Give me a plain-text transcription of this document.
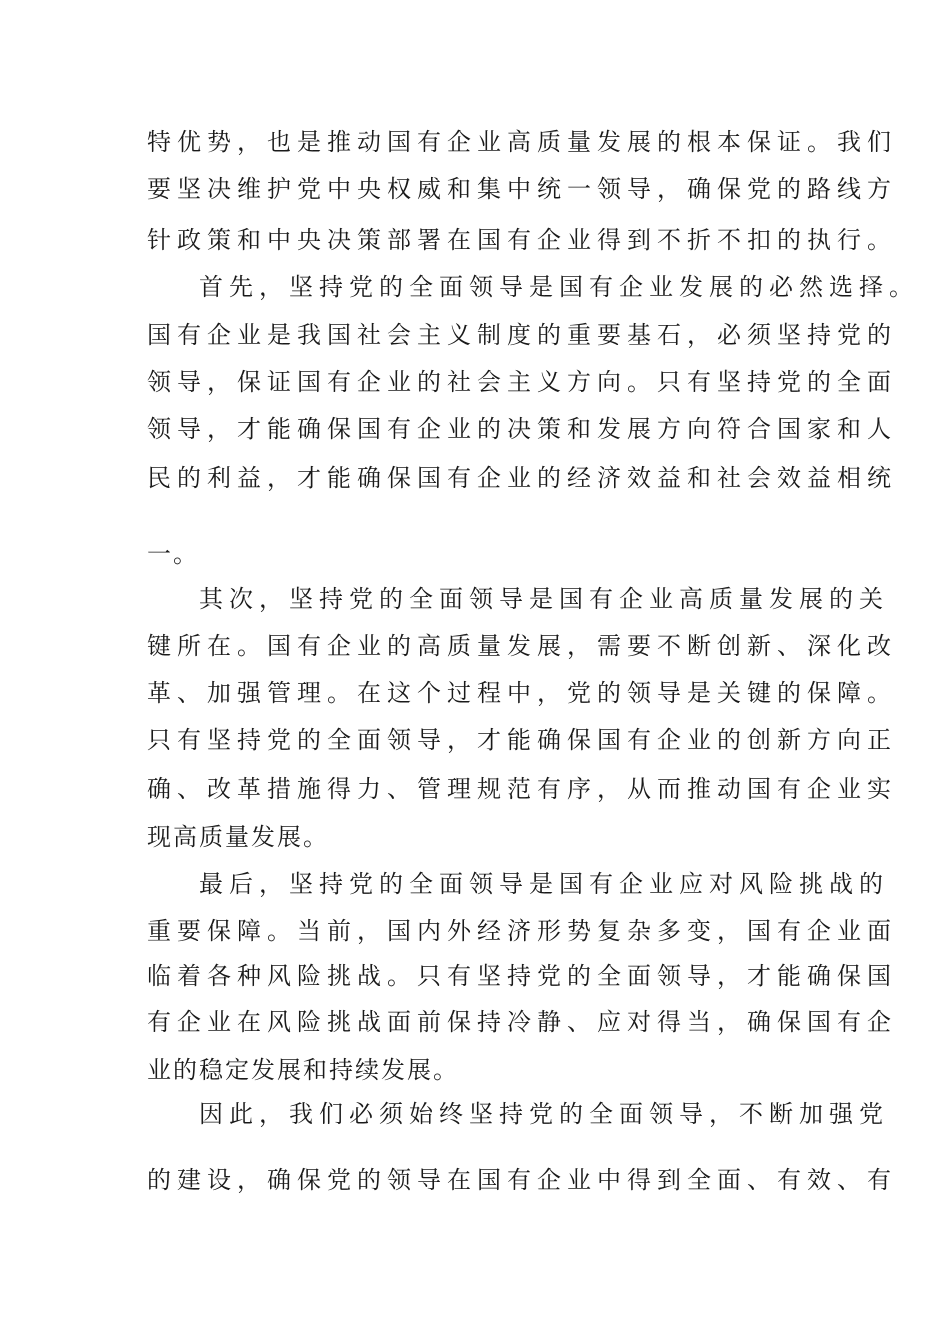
特优势，也是推动国有企业高质量发展的根本保证。我们
要坚决维护党中央权威和集中统一领导，确保党的路线方
针政策和中央决策部署在国有企业得到不折不扣的执行。
首先，坚持党的全面领导是国有企业发展的必然选择。
国有企业是我国社会主义制度的重要基石，必须坚持党的
领导，保证国有企业的社会主义方向。只有坚持党的全面
领导，才能确保国有企业的决策和发展方向符合国家和人
民的利益，才能确保国有企业的经济效益和社会效益相统
一。
其次，坚持党的全面领导是国有企业高质量发展的关
键所在。国有企业的高质量发展，需要不断创新、深化改
革、加强管理。在这个过程中，党的领导是关键的保障。
只有坚持党的全面领导，才能确保国有企业的创新方向正
确、改革措施得力、管理规范有序，从而推动国有企业实
现高质量发展。
最后，坚持党的全面领导是国有企业应对风险挑战的
重要保障。当前，国内外经济形势复杂多变，国有企业面
临着各种风险挑战。只有坚持党的全面领导，才能确保国
有企业在风险挑战面前保持冷静、应对得当，确保国有企
业的稳定发展和持续发展。
因此，我们必须始终坚持党的全面领导，不断加强党
的建设，确保党的领导在国有企业中得到全面、有效、有
